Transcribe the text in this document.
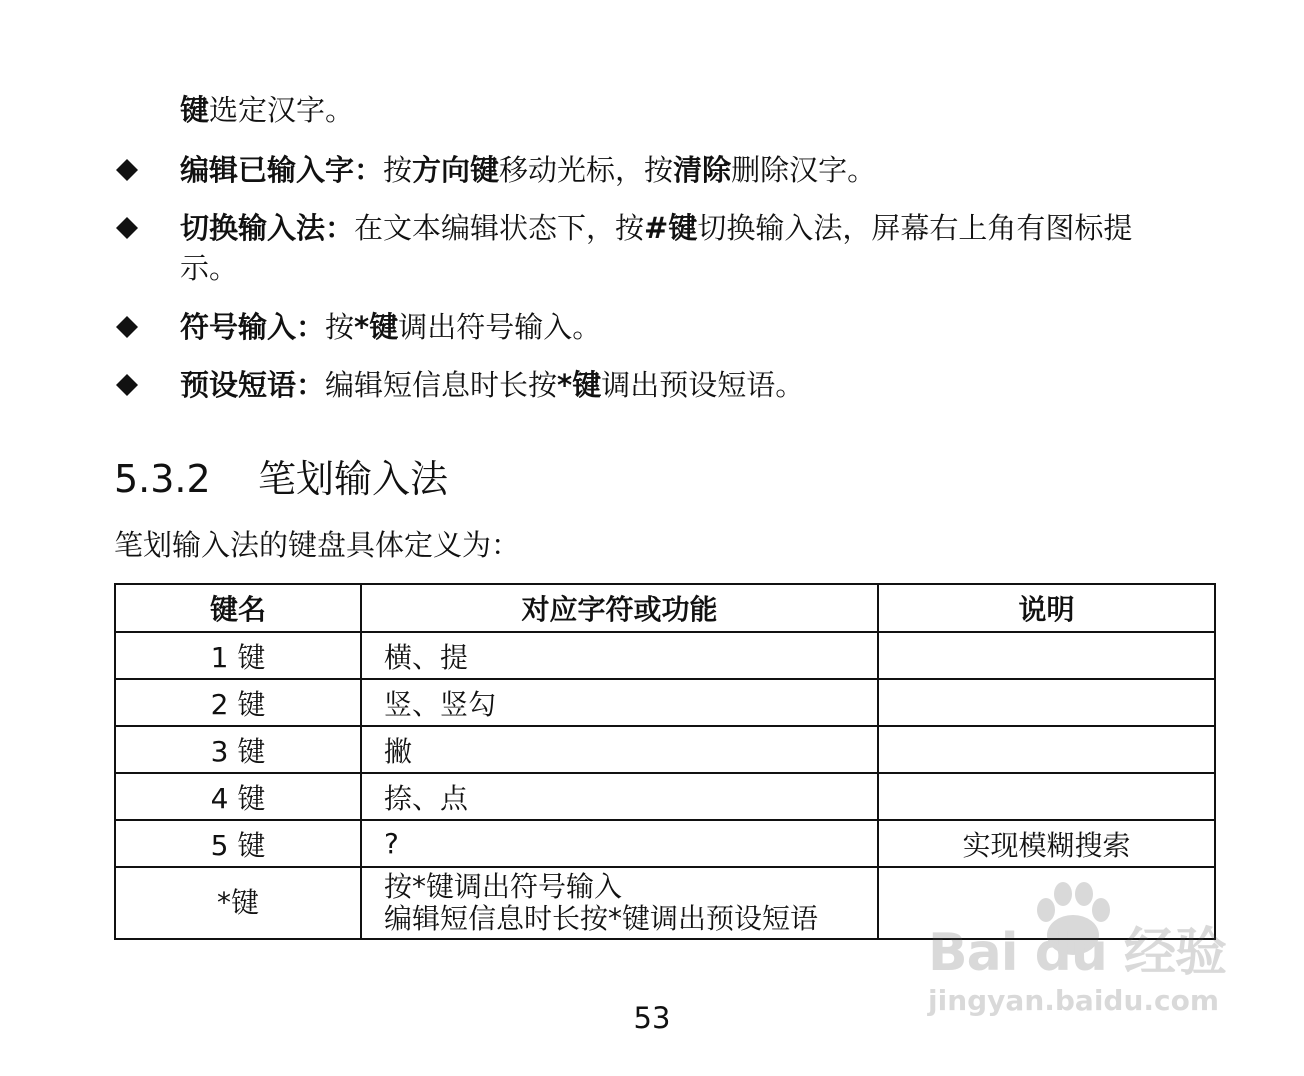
键选定汉字。
编辑已输入字：按方向键移动光标，按清除删除汉字。
切换输入法：在文本编辑状态下，按#键切换输入法，屏幕右上角有图标提
示。
符号输入：按*键调出符号输入。
预设短语：编辑短信息时长按*键调出预设短语。
5.3.2 笔划输入法
笔划输入法的键盘具体定义为：
键名	对应字符或功能	说明
1 键	横、提	
2 键	竖、竖勾	
3 键	撇	
4 键	捺、点	
5 键	?	实现模糊搜索
*键	按*键调出符号输入
编辑短信息时长按*键调出预设短语	

53
Bai du 经验
jingyan.baidu.com
